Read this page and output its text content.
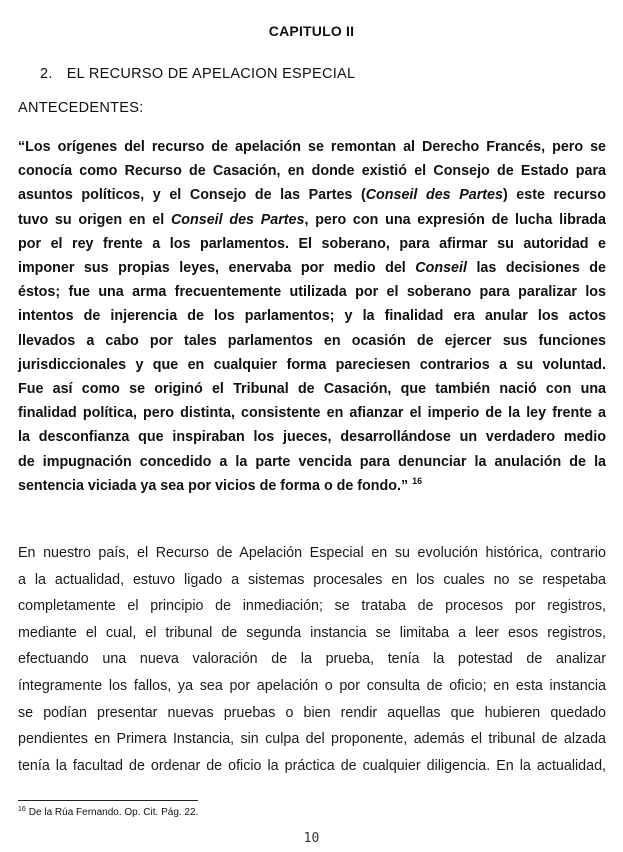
CAPITULO II
2. EL RECURSO DE APELACION ESPECIAL
ANTECEDENTES:
“Los orígenes del recurso de apelación se remontan al Derecho Francés, pero se
conocía como Recurso de Casación, en donde existió el Consejo de Estado para
asuntos políticos, y el Consejo de las Partes (Conseil des Partes) este recurso
tuvo su origen en el Conseil des Partes, pero con una expresión de lucha librada
por el rey frente a los parlamentos. El soberano, para afirmar su autoridad e
imponer sus propias leyes, enervaba por medio del Conseil las decisiones de
éstos; fue una arma frecuentemente utilizada por el soberano para paralizar los
intentos de injerencia de los parlamentos; y la finalidad era anular los actos
llevados a cabo por tales parlamentos en ocasión de ejercer sus funciones
jurisdiccionales y que en cualquier forma pareciesen contrarios a su voluntad.
Fue así como se originó el Tribunal de Casación, que también nació con una
finalidad política, pero distinta, consistente en afianzar el imperio de la ley frente a
la desconfianza que inspiraban los jueces, desarrollándose un verdadero medio
de impugnación concedido a la parte vencida para denunciar la anulación de la
sentencia viciada ya sea por vicios de forma o de fondo.” $^{16}$
En nuestro país, el Recurso de Apelación Especial en su evolución histórica, contrario
a la actualidad, estuvo ligado a sistemas procesales en los cuales no se respetaba
completamente el principio de inmediación; se trataba de procesos por registros,
mediante el cual, el tribunal de segunda instancia se limitaba a leer esos registros,
efectuando una nueva valoración de la prueba, tenía la potestad de analizar
íntegramente los fallos, ya sea por apelación o por consulta de oficio; en esta instancia
se podían presentar nuevas pruebas o bien rendir aquellas que hubieren quedado
pendientes en Primera Instancia, sin culpa del proponente, además el tribunal de alzada
tenía la facultad de ordenar de oficio la práctica de cualquier diligencia. En la actualidad,
$^{16}$ De la Rúa Fernando. Op. Cit. Pág. 22.
10
